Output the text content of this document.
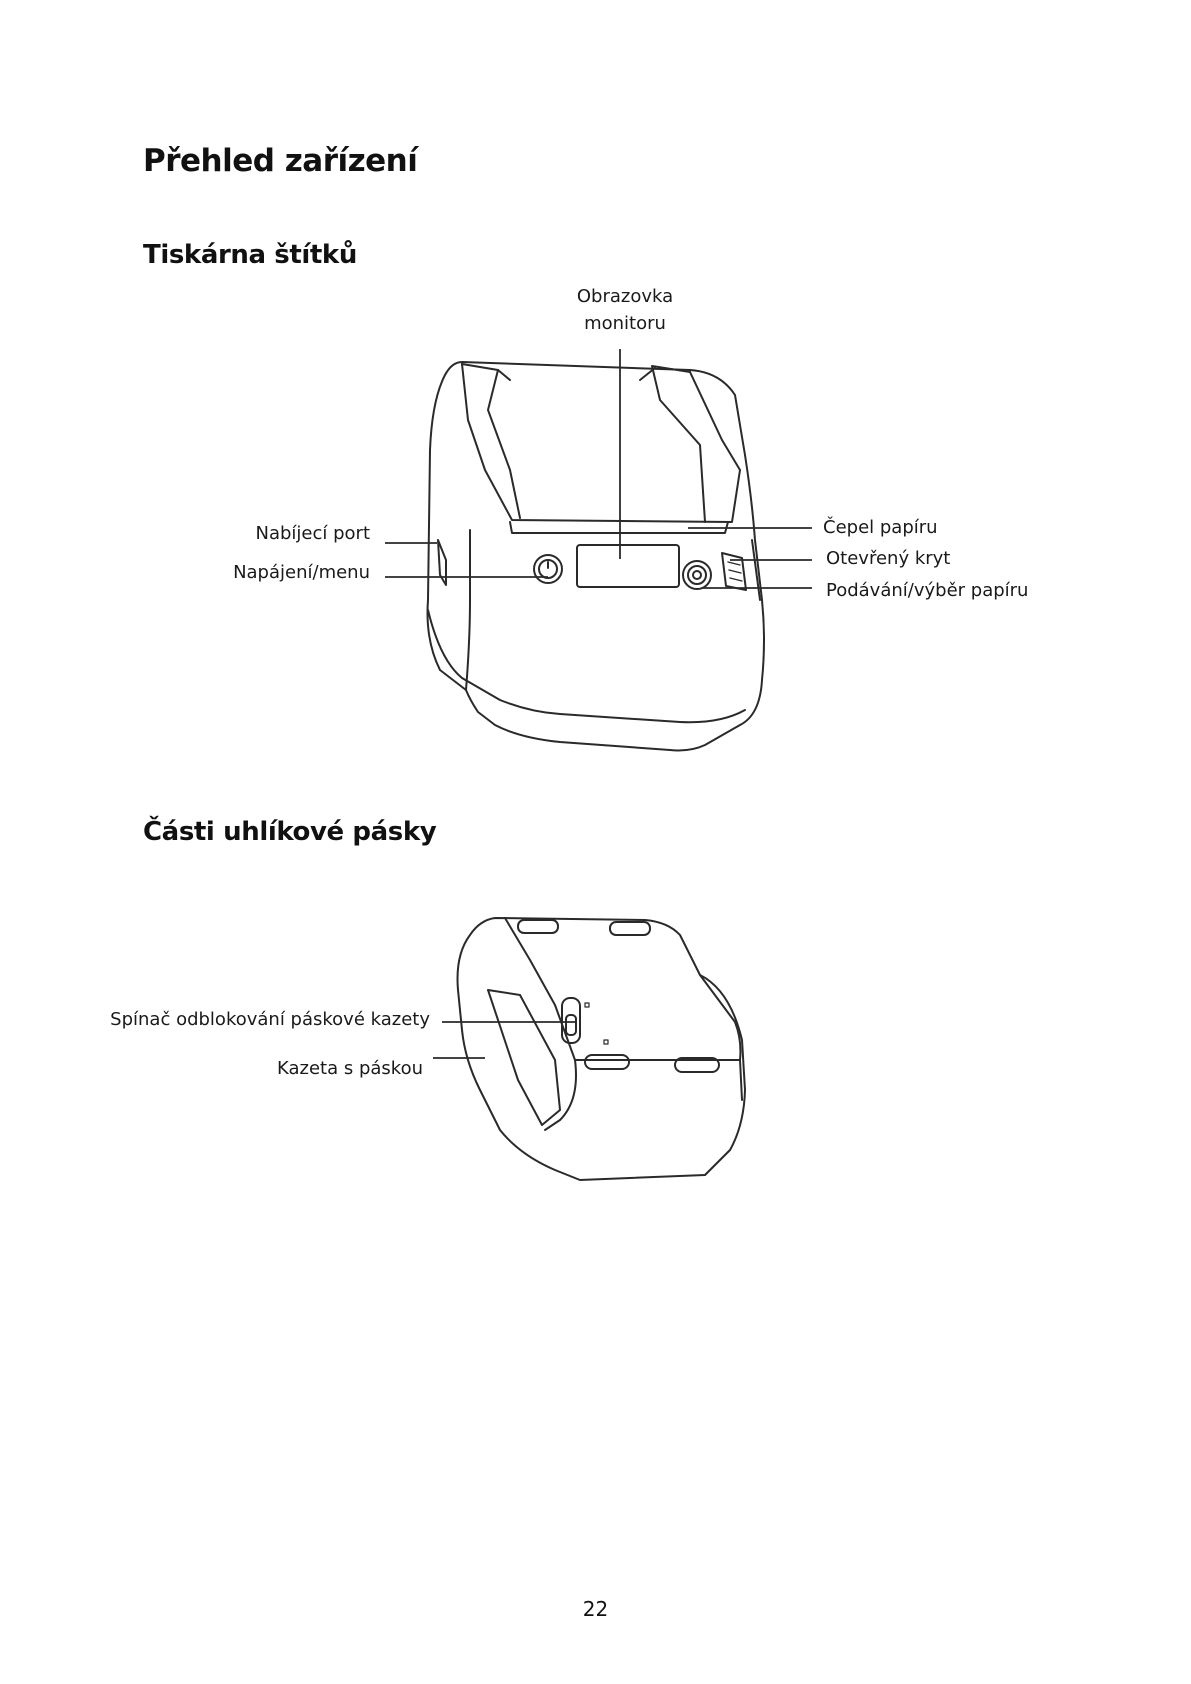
Přehled zařízení
Tiskárna štítků
Obrazovka
monitoru
Nabíjecí port
Napájení/menu
Čepel papíru
Otevřený kryt
Podávání/výběr papíru
Části uhlíkové pásky
Spínač odblokování páskové kazety
Kazeta s páskou
22
